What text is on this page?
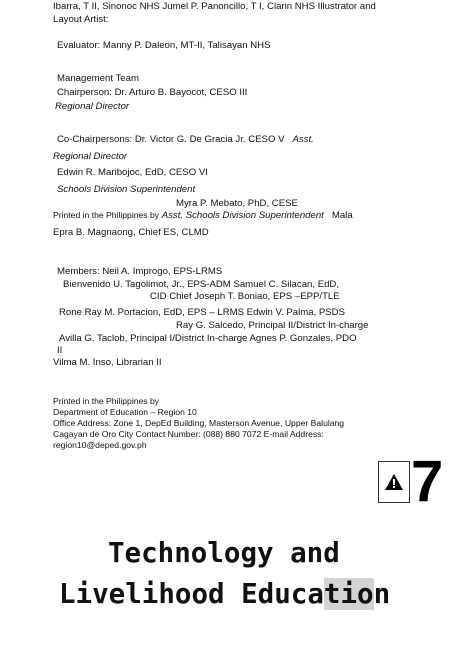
Ibarra, T II, Sinonoc NHS Jumel P. Panoncillo, T I, Clarin NHS Illustrator and
Layout Artist:
Evaluator: Manny P. Daleon, MT-II, Talisayan NHS
Management Team
Chairperson: Dr. Arturo B. Bayocot, CESO III
Regional Director
Co-Chairpersons: Dr. Victor G. De Gracia Jr. CESO V Asst.
Regional Director
Edwin R. Maribojoc, EdD, CESO VI
Schools Division Superintendent
Myra P. Mebato, PhD, CESE
Printed in the Philippines by Asst. Schools Division Superintendent Mala
Epra B. Magnaong, Chief ES, CLMD
Members: Neil A. Improgo, EPS-LRMS
Bienvenido U. Tagolimot, Jr., EPS-ADM Samuel C. Silacan, EdD,
CID Chief Joseph T. Boniao, EPS –EPP/TLE
Rone Ray M. Portacion, EdD, EPS – LRMS Edwin V. Palma, PSDS
Ray G. Salcedo, Principal II/District In-charge
Avilla G. Taclob, Principal I/District In-charge Agnes P. Gonzales, PDO
II
Vilma M. Inso, Librarian II
Printed in the Philippines by
Department of Education – Region 10
Office Address: Zone 1, DepEd Building, Masterson Avenue, Upper Balulang
Cagayan de Oro City Contact Number: (088) 880 7072 E-mail Address:
region10@deped.gov.ph
7
Technology and
Livelihood Education
